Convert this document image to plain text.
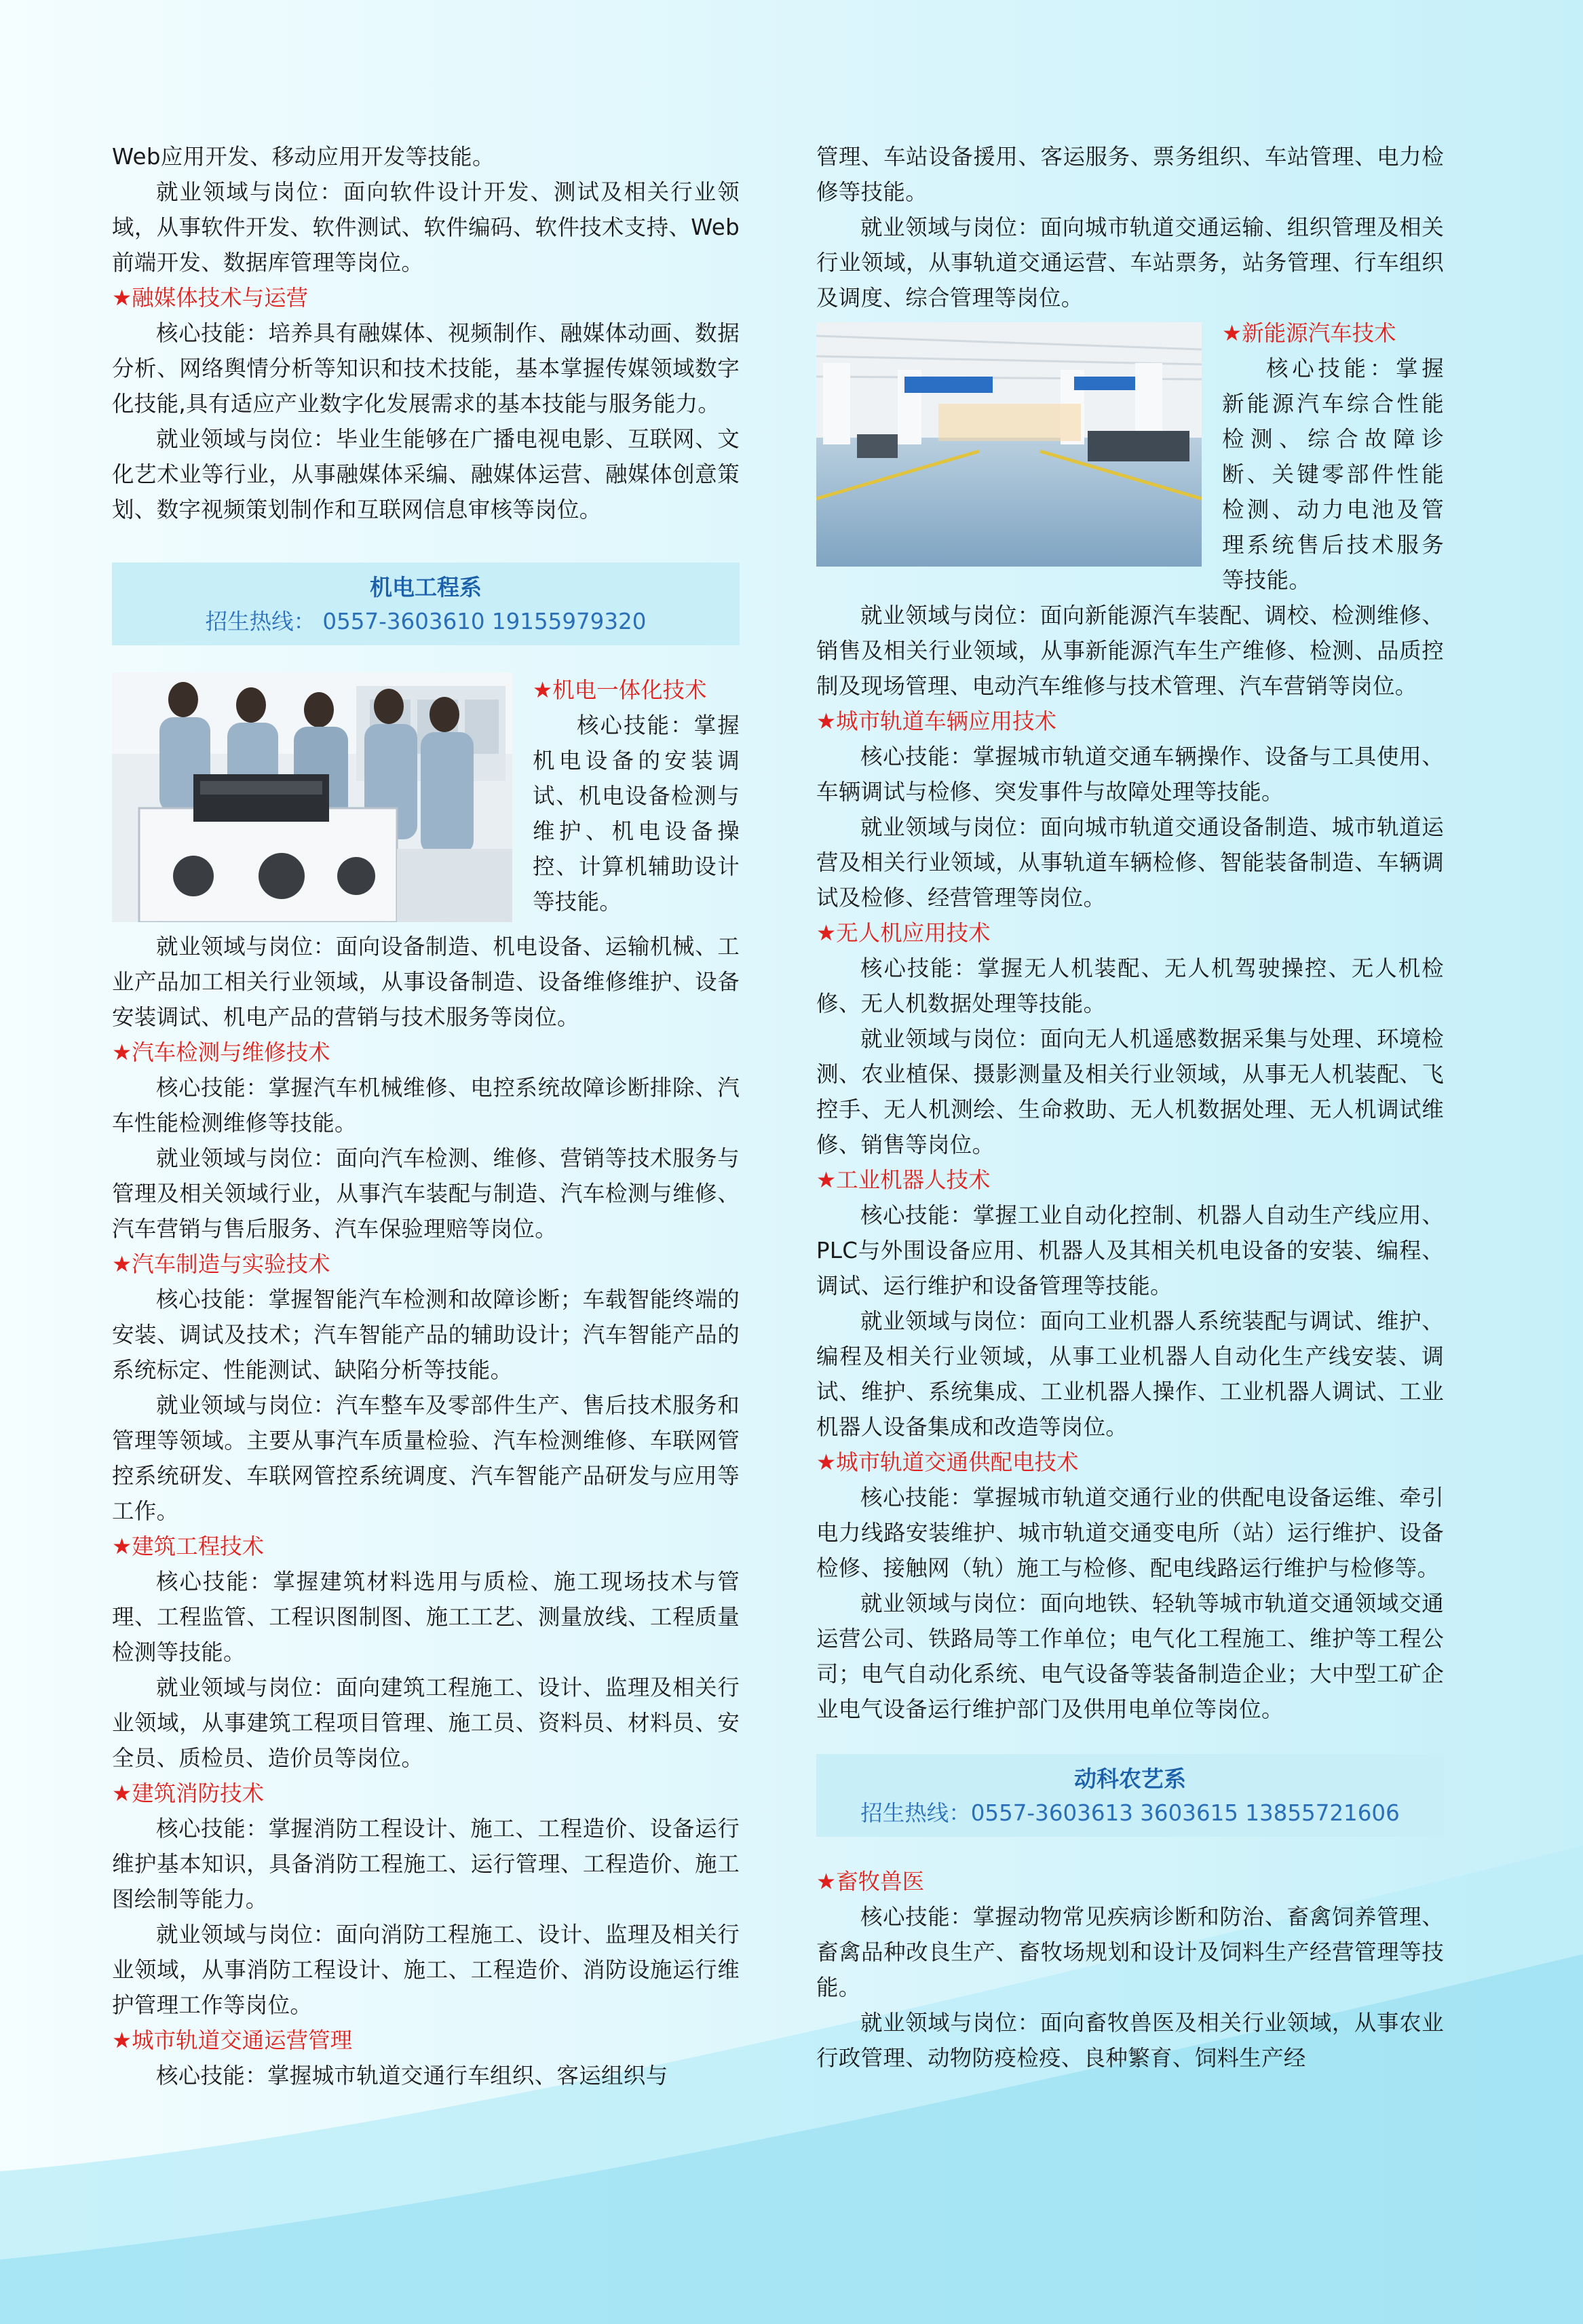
Web应用开发、移动应用开发等技能。

就业领域与岗位：面向软件设计开发、测试及相关行业领域，从事软件开发、软件测试、软件编码、软件技术支持、Web前端开发、数据库管理等岗位。

★融媒体技术与运营

核心技能：培养具有融媒体、视频制作、融媒体动画、数据分析、网络舆情分析等知识和技术技能，基本掌握传媒领域数字化技能,具有适应产业数字化发展需求的基本技能与服务能力。

就业领域与岗位：毕业生能够在广播电视电影、互联网、文化艺术业等行业，从事融媒体采编、融媒体运营、融媒体创意策划、数字视频策划制作和互联网信息审核等岗位。

机电工程系
招生热线： 0557-3603610 19155979320
★机电一体化技术

核心技能：掌握机电设备的安装调试、机电设备检测与维护、机电设备操控、计算机辅助设计等技能。

就业领域与岗位：面向设备制造、机电设备、运输机械、工业产品加工相关行业领域，从事设备制造、设备维修维护、设备安装调试、机电产品的营销与技术服务等岗位。

★汽车检测与维修技术

核心技能：掌握汽车机械维修、电控系统故障诊断排除、汽车性能检测维修等技能。

就业领域与岗位：面向汽车检测、维修、营销等技术服务与管理及相关领域行业，从事汽车装配与制造、汽车检测与维修、汽车营销与售后服务、汽车保验理赔等岗位。

★汽车制造与实验技术

核心技能：掌握智能汽车检测和故障诊断；车载智能终端的安装、调试及技术；汽车智能产品的辅助设计；汽车智能产品的系统标定、性能测试、缺陷分析等技能。

就业领域与岗位：汽车整车及零部件生产、售后技术服务和管理等领域。主要从事汽车质量检验、汽车检测维修、车联网管控系统研发、车联网管控系统调度、汽车智能产品研发与应用等工作。

★建筑工程技术

核心技能：掌握建筑材料选用与质检、施工现场技术与管理、工程监管、工程识图制图、施工工艺、测量放线、工程质量检测等技能。

就业领域与岗位：面向建筑工程施工、设计、监理及相关行业领域，从事建筑工程项目管理、施工员、资料员、材料员、安全员、质检员、造价员等岗位。

★建筑消防技术

核心技能：掌握消防工程设计、施工、工程造价、设备运行维护基本知识，具备消防工程施工、运行管理、工程造价、施工图绘制等能力。

就业领域与岗位：面向消防工程施工、设计、监理及相关行业领域，从事消防工程设计、施工、工程造价、消防设施运行维护管理工作等岗位。

★城市轨道交通运营管理

核心技能：掌握城市轨道交通行车组织、客运组织与

管理、车站设备援用、客运服务、票务组织、车站管理、电力检修等技能。

就业领域与岗位：面向城市轨道交通运输、组织管理及相关行业领域，从事轨道交通运营、车站票务，站务管理、行车组织及调度、综合管理等岗位。

★新能源汽车技术

核心技能：掌握新能源汽车综合性能检测、综合故障诊断、关键零部件性能检测、动力电池及管理系统售后技术服务等技能。

就业领域与岗位：面向新能源汽车装配、调校、检测维修、销售及相关行业领域，从事新能源汽车生产维修、检测、品质控制及现场管理、电动汽车维修与技术管理、汽车营销等岗位。

★城市轨道车辆应用技术

核心技能：掌握城市轨道交通车辆操作、设备与工具使用、车辆调试与检修、突发事件与故障处理等技能。

就业领域与岗位：面向城市轨道交通设备制造、城市轨道运营及相关行业领域，从事轨道车辆检修、智能装备制造、车辆调试及检修、经营管理等岗位。

★无人机应用技术

核心技能：掌握无人机装配、无人机驾驶操控、无人机检修、无人机数据处理等技能。

就业领域与岗位：面向无人机遥感数据采集与处理、环境检测、农业植保、摄影测量及相关行业领域，从事无人机装配、飞控手、无人机测绘、生命救助、无人机数据处理、无人机调试维修、销售等岗位。

★工业机器人技术

核心技能：掌握工业自动化控制、机器人自动生产线应用、PLC与外围设备应用、机器人及其相关机电设备的安装、编程、调试、运行维护和设备管理等技能。

就业领域与岗位：面向工业机器人系统装配与调试、维护、编程及相关行业领域，从事工业机器人自动化生产线安装、调试、维护、系统集成、工业机器人操作、工业机器人调试、工业机器人设备集成和改造等岗位。

★城市轨道交通供配电技术

核心技能：掌握城市轨道交通行业的供配电设备运维、牵引电力线路安装维护、城市轨道交通变电所（站）运行维护、设备检修、接触网（轨）施工与检修、配电线路运行维护与检修等。

就业领域与岗位：面向地铁、轻轨等城市轨道交通领域交通运营公司、铁路局等工作单位；电气化工程施工、维护等工程公司；电气自动化系统、电气设备等装备制造企业；大中型工矿企业电气设备运行维护部门及供用电单位等岗位。

动科农艺系
招生热线：0557-3603613 3603615 13855721606
★畜牧兽医

核心技能：掌握动物常见疾病诊断和防治、畜禽饲养管理、畜禽品种改良生产、畜牧场规划和设计及饲料生产经营管理等技能。

就业领域与岗位：面向畜牧兽医及相关行业领域，从事农业行政管理、动物防疫检疫、良种繁育、饲料生产经
